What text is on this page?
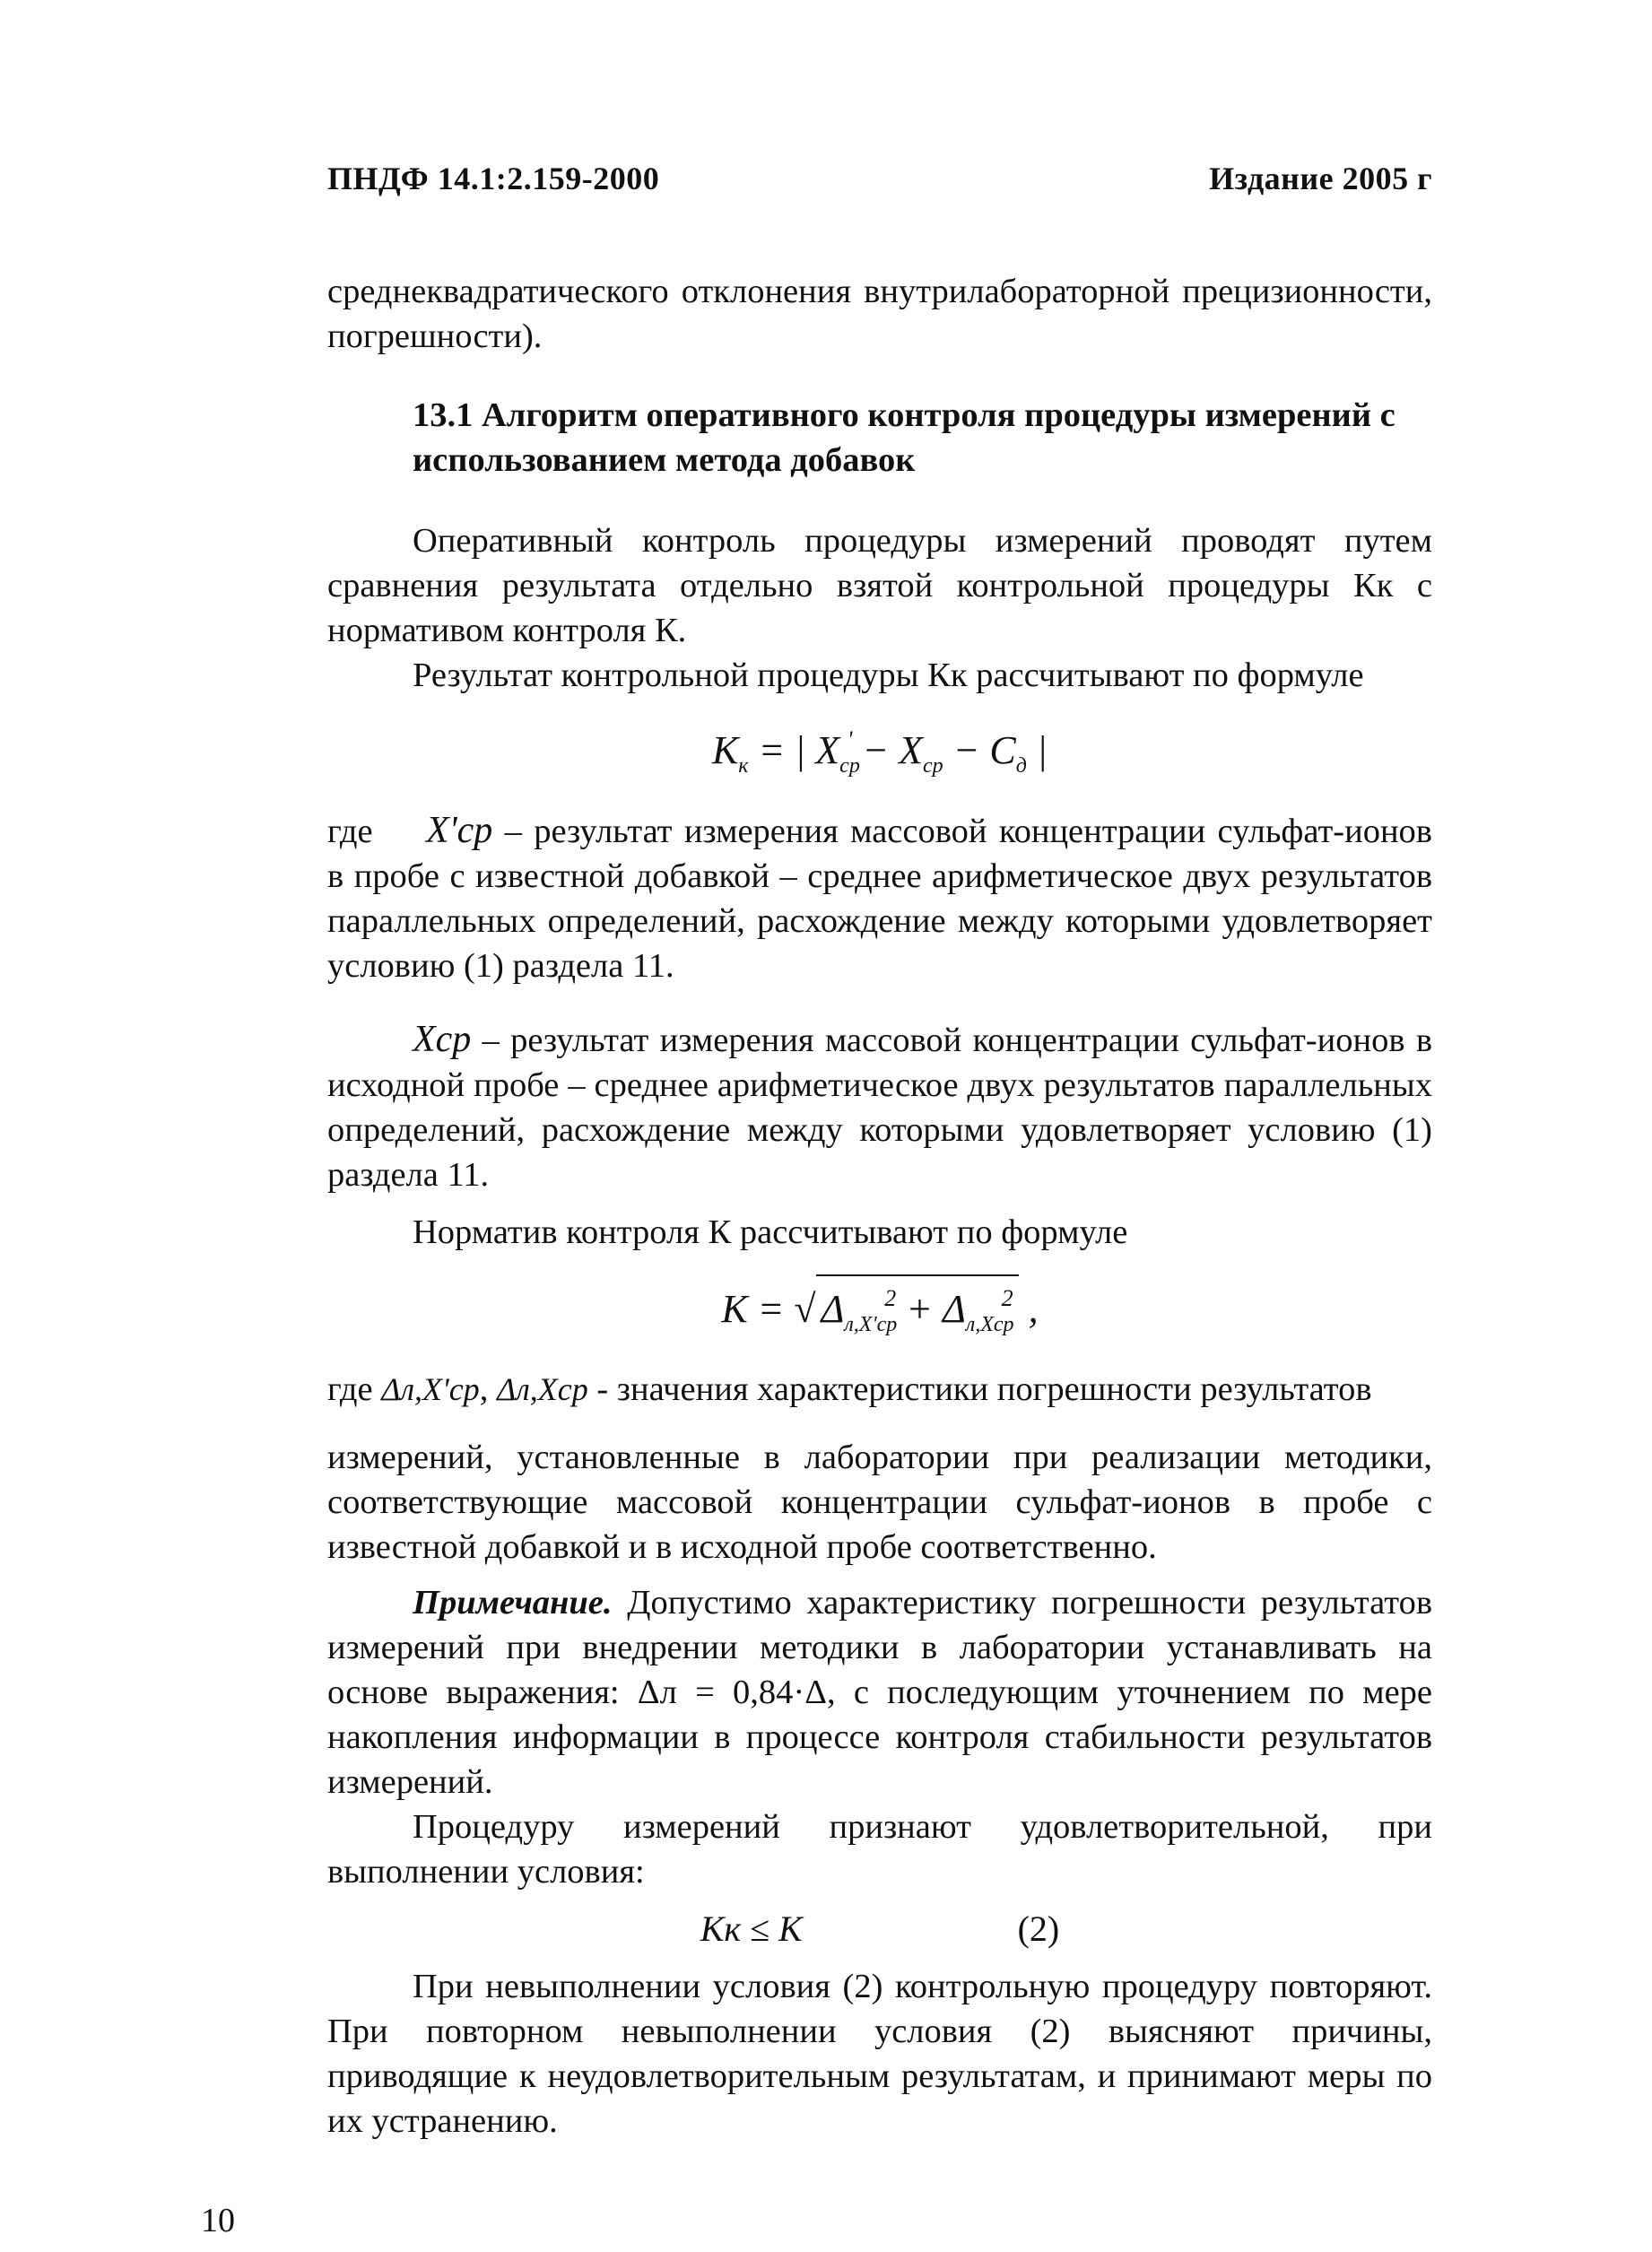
ПНДФ 14.1:2.159-2000	Издание 2005 г

среднеквадратического отклонения внутрилабораторной прецизионности, погрешности).

13.1 Алгоритм оперативного контроля процедуры измерений с использованием метода добавок

Оперативный контроль процедуры измерений проводят путем сравнения результата отдельно взятой контрольной процедуры Кк с нормативом контроля К.

Результат контрольной процедуры Кк рассчитывают по формуле

$К_к$ = | $X_{ср}' - X_{ср} - С_д$ |

где X'ср – результат измерения массовой концентрации сульфат-ионов в пробе с известной добавкой – среднее арифметическое двух результатов параллельных определений, расхождение между которыми удовлетворяет условию (1) раздела 11.

Xср – результат измерения массовой концентрации сульфат-ионов в исходной пробе – среднее арифметическое двух результатов параллельных определений, расхождение между которыми удовлетворяет условию (1) раздела 11.

Норматив контроля К рассчитывают по формуле

К = √ $\Delta_{л,X'ср}^2 + \Delta_{л,Xср}^2$ ,

где Δл,X'ср, Δл,Xср - значения характеристики погрешности результатов

измерений, установленные в лаборатории при реализации методики, соответствующие массовой концентрации сульфат-ионов в пробе с известной добавкой и в исходной пробе соответственно.

Примечание. Допустимо характеристику погрешности результатов измерений при внедрении методики в лаборатории устанавливать на основе выражения: Δл = 0,84·Δ, с последующим уточнением по мере накопления информации в процессе контроля стабильности результатов измерений.

Процедуру измерений признают удовлетворительной, при выполнении условия:

Кк ≤ К	(2)

При невыполнении условия (2) контрольную процедуру повторяют. При повторном невыполнении условия (2) выясняют причины, приводящие к неудовлетворительным результатам, и принимают меры по их устранению.

10
